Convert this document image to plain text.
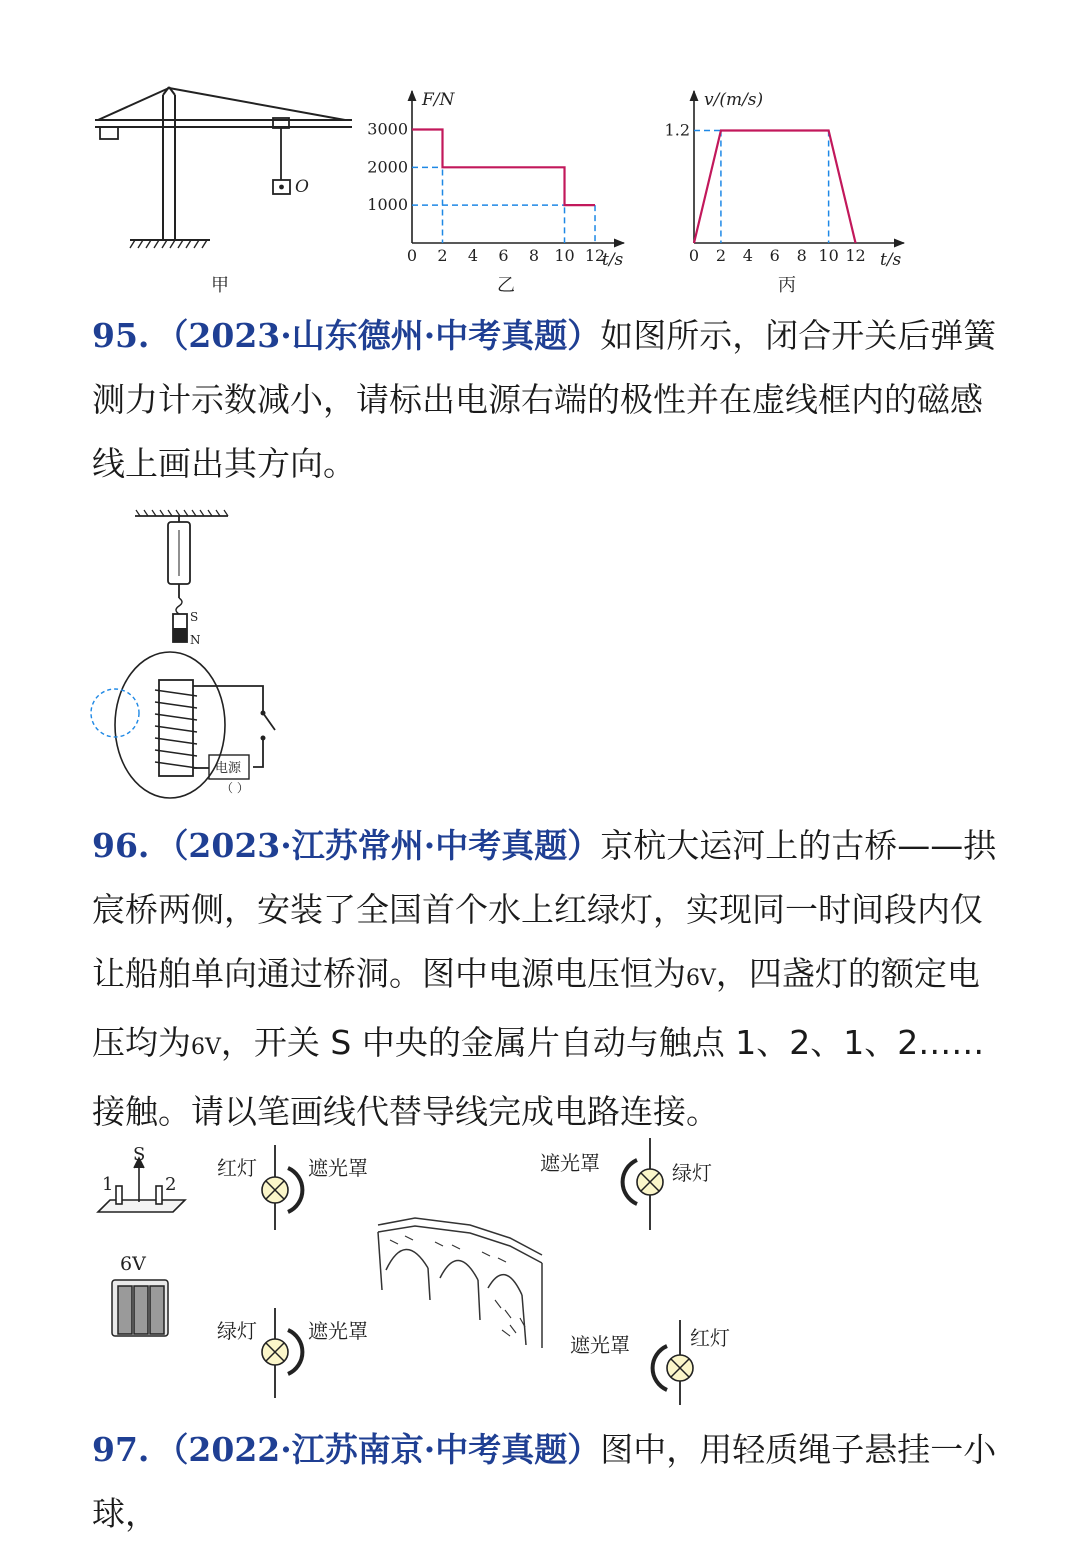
O
甲
0 2 4 6 8 10 12
1000
2000
3000
F/N
t/s
乙
0 2 4 6 8 10 12
1.2
v/(m/s)
t/s
丙

95. （2023·山东德州·中考真题）如图所示，闭合开关后弹簧测力计示数减小，请标出电源右端的极性并在虚线框内的磁感线上画出其方向。

S
N
电源
（ ）

96. （2023·江苏常州·中考真题）京杭大运河上的古桥——拱宸桥两侧，安装了全国首个水上红绿灯，实现同一时间段内仅让船舶单向通过桥洞。图中电源电压恒为6V，四盏灯的额定电压均为6V，开关 S 中央的金属片自动与触点 1、2、1、2……接触。请以笔画线代替导线完成电路连接。

S
1	2
6V
红灯	遮光罩	遮光罩	绿灯
绿灯	遮光罩
遮光罩	红灯

97. （2022·江苏南京·中考真题）图中，用轻质绳子悬挂一小球，
